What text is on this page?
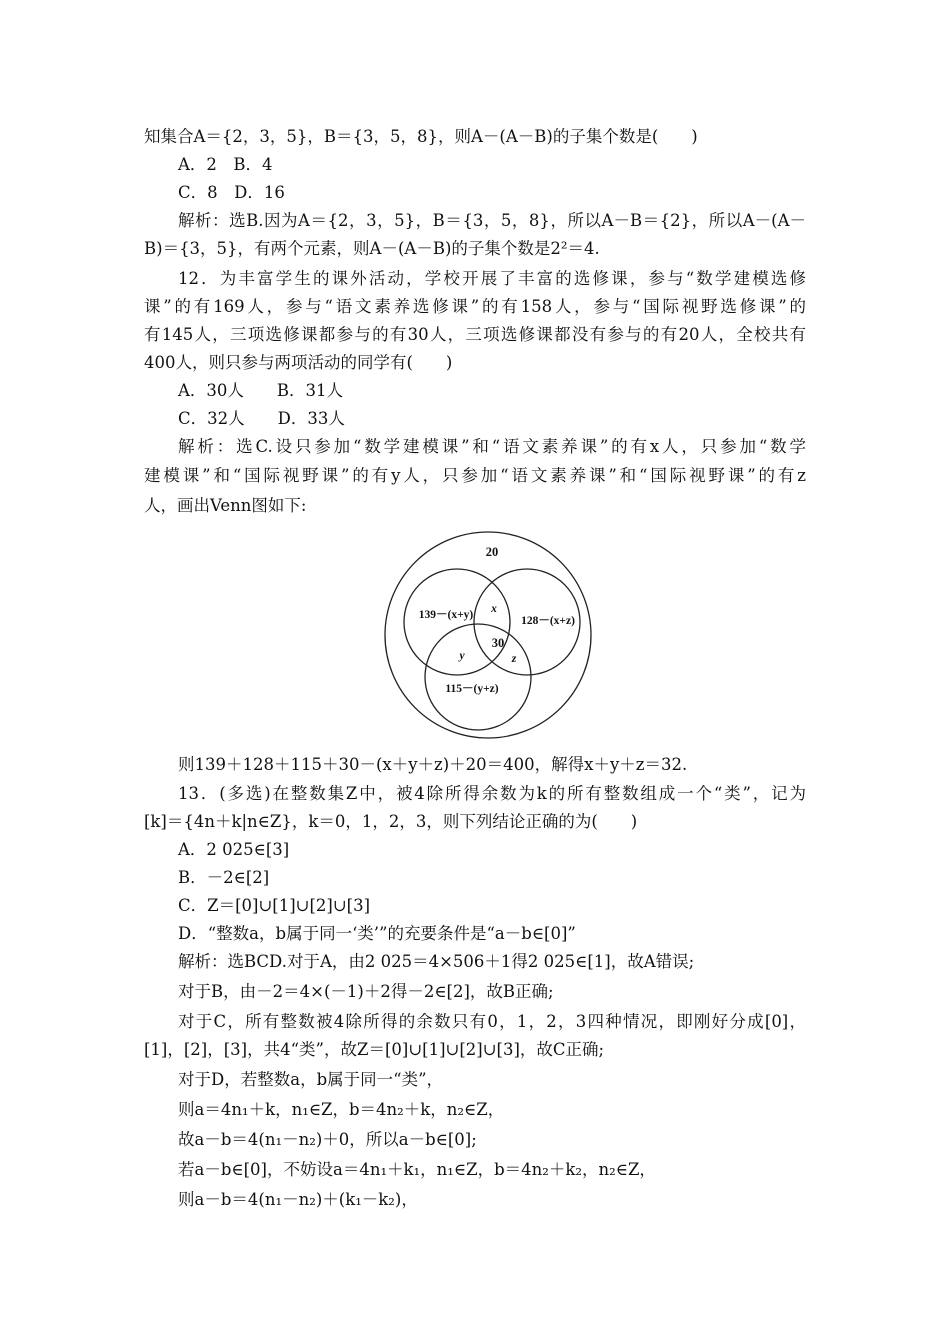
知集合A＝{2，3，5}，B＝{3，5，8}，则A－(A－B)的子集个数是(　　)
A．2　B．4
C．8　D．16
解析：选B.因为A＝{2，3，5}，B＝{3，5，8}，所以A－B＝{2}，所以A－(A－
B)＝{3，5}，有两个元素，则A－(A－B)的子集个数是2²＝4.
12．为丰富学生的课外活动，学校开展了丰富的选修课，参与“数学建模选修
课”的有169人，参与“语文素养选修课”的有158人，参与“国际视野选修课”的
有145人，三项选修课都参与的有30人，三项选修课都没有参与的有20人，全校共有
400人，则只参与两项活动的同学有(　　)
A．30人　　B．31人
C．32人　　D．33人
解析：选C.设只参加“数学建模课”和“语文素养课”的有x人，只参加“数学
建模课”和“国际视野课”的有y人，只参加“语文素养课”和“国际视野课”的有z
人，画出Venn图如下:
20
139－(x+y)	128－(x+z)
115－(y+z)
x
y	z
30
则139＋128＋115＋30－(x＋y＋z)＋20＝400，解得x＋y＋z＝32.
13．(多选)在整数集Z中，被4除所得余数为k的所有整数组成一个“类”，记为
[k]＝{4n＋k|n∈Z}，k＝0，1，2，3，则下列结论正确的为(　　)
A．2 025∈[3]
B．－2∈[2]
C．Z＝[0]∪[1]∪[2]∪[3]
D．“整数a，b属于同一‘类’”的充要条件是“a－b∈[0]”
解析：选BCD.对于A，由2 025＝4×506＋1得2 025∈[1]，故A错误;
对于B，由－2＝4×(－1)＋2得－2∈[2]，故B正确;
对于C，所有整数被4除所得的余数只有0，1，2，3四种情况，即刚好分成[0]，
[1]，[2]，[3]，共4“类”，故Z＝[0]∪[1]∪[2]∪[3]，故C正确;
对于D，若整数a，b属于同一“类”，
则a＝4n₁＋k，n₁∈Z，b＝4n₂＋k，n₂∈Z，
故a－b＝4(n₁－n₂)＋0，所以a－b∈[0];
若a－b∈[0]，不妨设a＝4n₁＋k₁，n₁∈Z，b＝4n₂＋k₂，n₂∈Z，
则a－b＝4(n₁－n₂)＋(k₁－k₂)，
